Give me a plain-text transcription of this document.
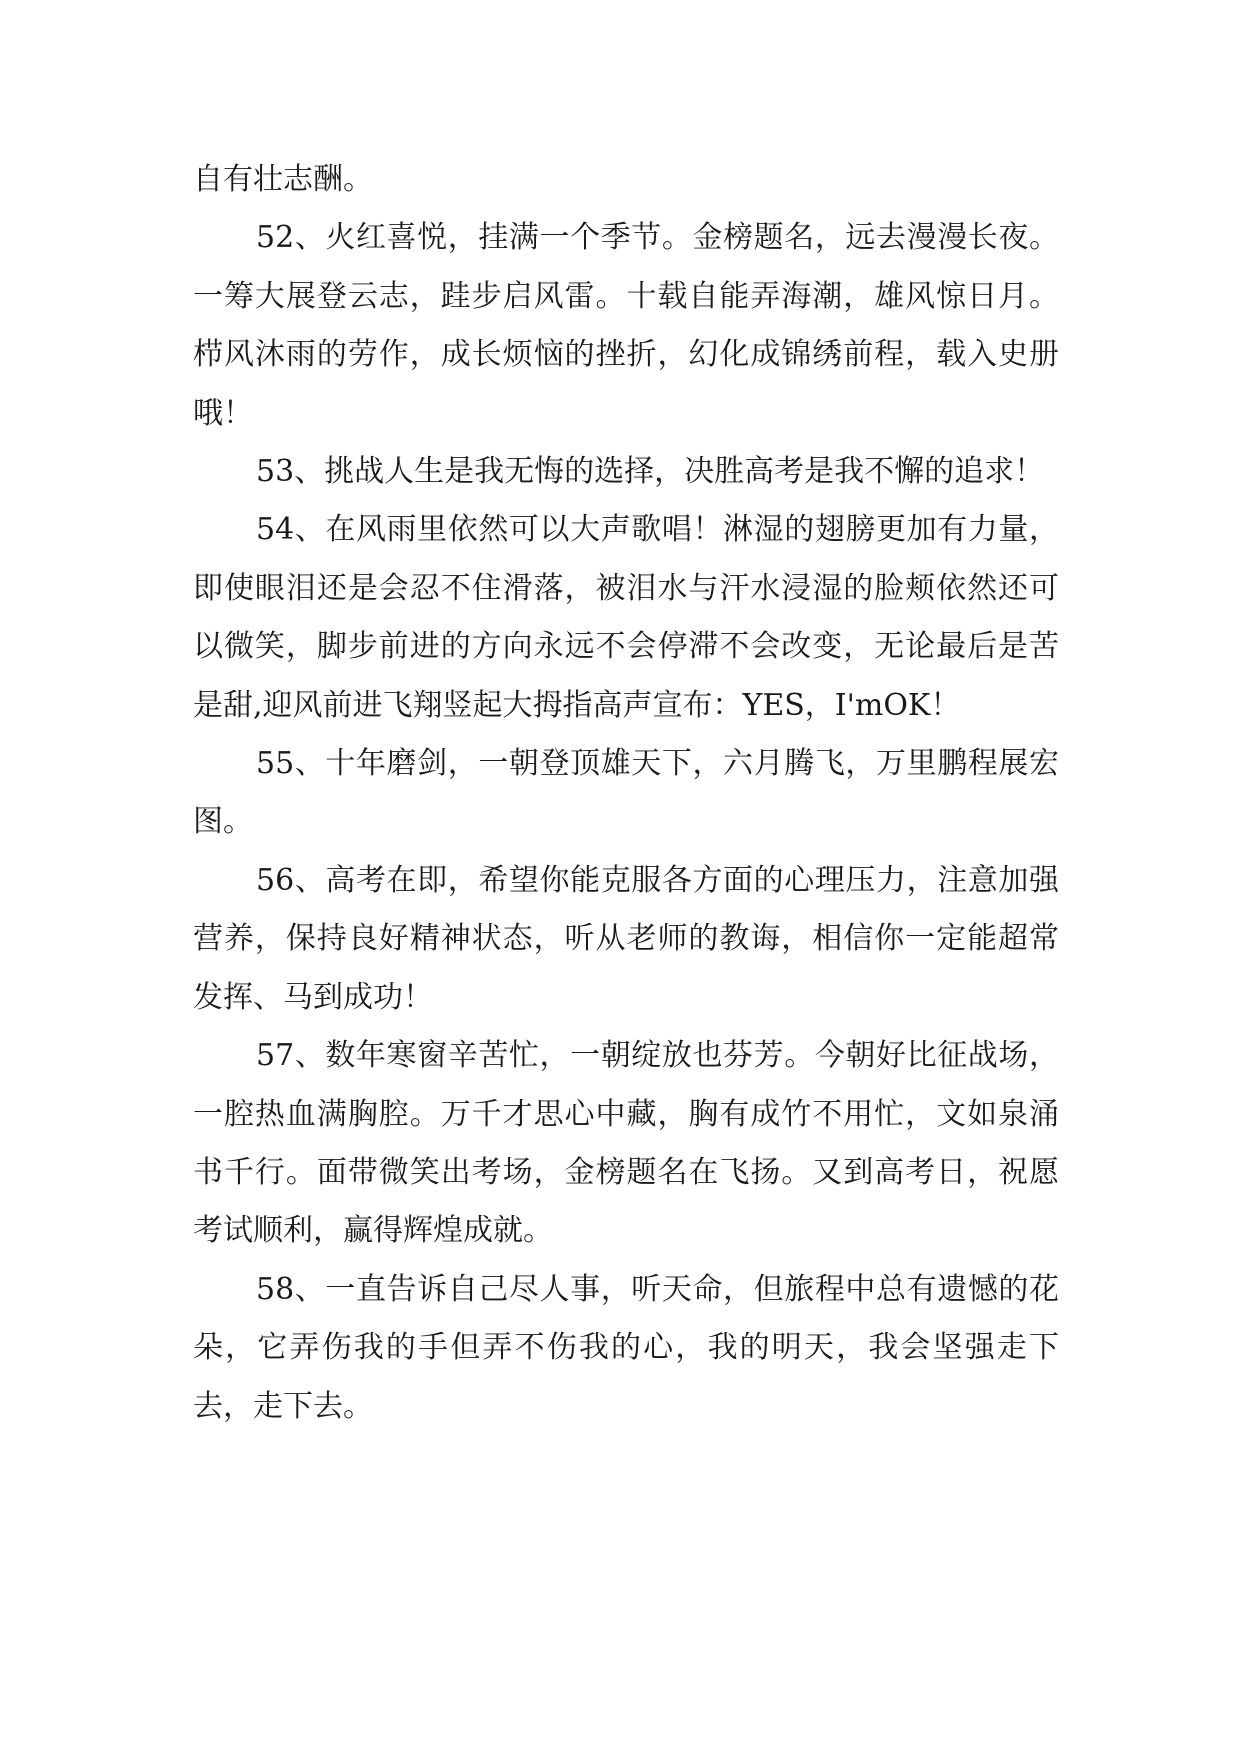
自有壮志酬。

52、火红喜悦，挂满一个季节。金榜题名，远去漫漫长夜。一筹大展登云志，跬步启风雷。十载自能弄海潮，雄风惊日月。栉风沐雨的劳作，成长烦恼的挫折，幻化成锦绣前程，载入史册哦！

53、挑战人生是我无悔的选择，决胜高考是我不懈的追求！

54、在风雨里依然可以大声歌唱！淋湿的翅膀更加有力量，即使眼泪还是会忍不住滑落，被泪水与汗水浸湿的脸颊依然还可以微笑，脚步前进的方向永远不会停滞不会改变，无论最后是苦是甜,迎风前进飞翔竖起大拇指高声宣布：YES，I'mOK！

55、十年磨剑，一朝登顶雄天下，六月腾飞，万里鹏程展宏图。

56、高考在即，希望你能克服各方面的心理压力，注意加强营养，保持良好精神状态，听从老师的教诲，相信你一定能超常发挥、马到成功！

57、数年寒窗辛苦忙，一朝绽放也芬芳。今朝好比征战场，一腔热血满胸腔。万千才思心中藏，胸有成竹不用忙，文如泉涌书千行。面带微笑出考场，金榜题名在飞扬。又到高考日，祝愿考试顺利，赢得辉煌成就。

58、一直告诉自己尽人事，听天命，但旅程中总有遗憾的花朵，它弄伤我的手但弄不伤我的心，我的明天，我会坚强走下去，走下去。
